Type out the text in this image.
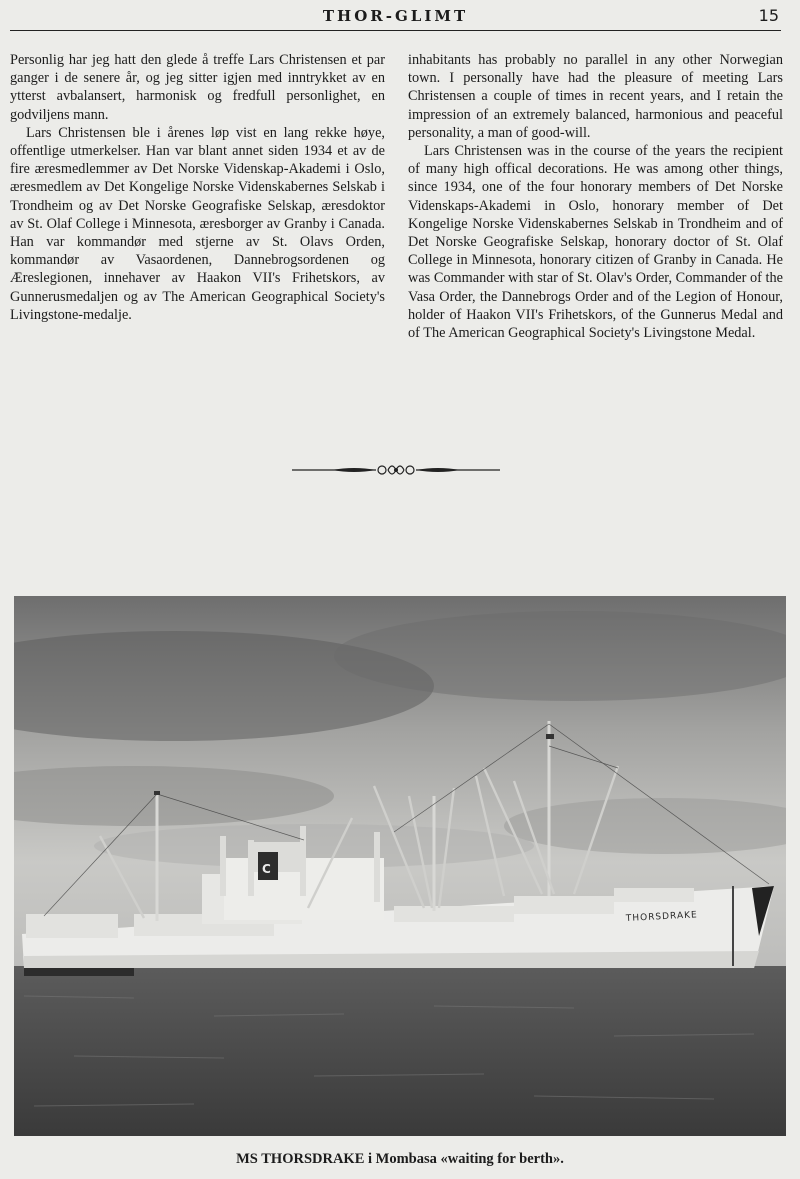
THOR-GLIMT	15

Personlig har jeg hatt den glede å treffe Lars Christensen et par ganger i de senere år, og jeg sitter igjen med inntrykket av en ytterst avbalansert, harmonisk og fredfull personlighet, en godviljens mann.

Lars Christensen ble i årenes løp vist en lang rekke høye, offentlige utmerkelser. Han var blant annet siden 1934 et av de fire æresmedlemmer av Det Norske Videnskap-Akademi i Oslo, æresmedlem av Det Kongelige Norske Videnskabernes Selskab i Trondheim og av Det Norske Geografiske Selskap, æresdoktor av St. Olaf College i Minnesota, æresborger av Granby i Canada. Han var kommandør med stjerne av St. Olavs Orden, kommandør av Vasaordenen, Dannebrogsordenen og Æreslegionen, innehaver av Haakon VII's Frihetskors, av Gunnerusmedaljen og av The American Geographical Society's Livingstone-medalje.

inhabitants has probably no parallel in any other Norwegian town. I personally have had the pleasure of meeting Lars Christensen a couple of times in recent years, and I retain the impression of an extremely balanced, harmonious and peaceful personality, a man of good-will.

Lars Christensen was in the course of the years the recipient of many high offical decorations. He was among other things, since 1934, one of the four honorary members of Det Norske Videnskaps-Akademi in Oslo, honorary member of Det Kongelige Norske Videnskabernes Selskab in Trondheim and of Det Norske Geografiske Selskap, honorary doctor of St. Olaf College in Minnesota, honorary citizen of Granby in Canada. He was Commander with star of St. Olav's Order, Commander of the Vasa Order, the Dannebrogs Order and of the Legion of Honour, holder of Haakon VII's Frihetskors, of the Gunnerus Medal and of The American Geographical Society's Livingstone Medal.

C
THORSDRAKE
MS THORSDRAKE i Mombasa «waiting for berth».
